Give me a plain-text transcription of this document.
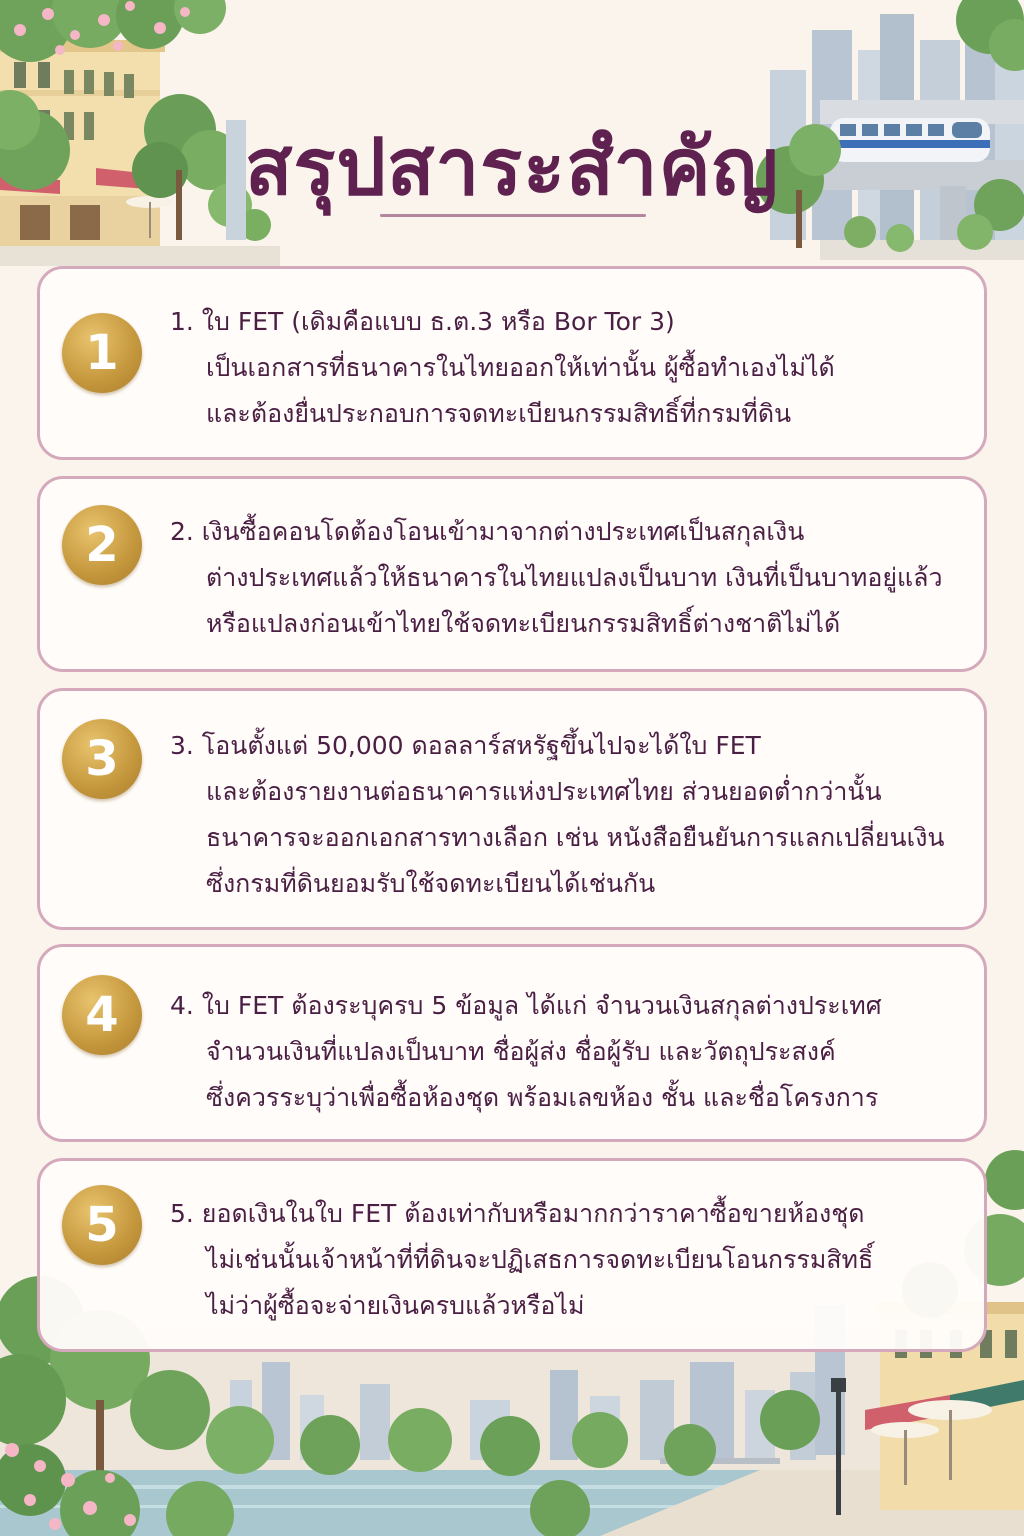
สรุปสาระสำคัญ
1
1. ใบ FET (เดิมคือแบบ ธ.ต.3 หรือ Bor Tor 3)
เป็นเอกสารที่ธนาคารในไทยออกให้เท่านั้น ผู้ซื้อทำเองไม่ได้
และต้องยื่นประกอบการจดทะเบียนกรรมสิทธิ์ที่กรมที่ดิน
2	2. เงินซื้อคอนโดต้องโอนเข้ามาจากต่างประเทศเป็นสกุลเงิน
ต่างประเทศแล้วให้ธนาคารในไทยแปลงเป็นบาท เงินที่เป็นบาทอยู่แล้ว
หรือแปลงก่อนเข้าไทยใช้จดทะเบียนกรรมสิทธิ์ต่างชาติไม่ได้
3	3. โอนตั้งแต่ 50,000 ดอลลาร์สหรัฐขึ้นไปจะได้ใบ FET
และต้องรายงานต่อธนาคารแห่งประเทศไทย ส่วนยอดต่ำกว่านั้น
ธนาคารจะออกเอกสารทางเลือก เช่น หนังสือยืนยันการแลกเปลี่ยนเงิน
ซึ่งกรมที่ดินยอมรับใช้จดทะเบียนได้เช่นกัน
4	4. ใบ FET ต้องระบุครบ 5 ข้อมูล ได้แก่ จำนวนเงินสกุลต่างประเทศ
จำนวนเงินที่แปลงเป็นบาท ชื่อผู้ส่ง ชื่อผู้รับ และวัตถุประสงค์
ซึ่งควรระบุว่าเพื่อซื้อห้องชุด พร้อมเลขห้อง ชั้น และชื่อโครงการ
5	5. ยอดเงินในใบ FET ต้องเท่ากับหรือมากกว่าราคาซื้อขายห้องชุด
ไม่เช่นนั้นเจ้าหน้าที่ที่ดินจะปฏิเสธการจดทะเบียนโอนกรรมสิทธิ์
ไม่ว่าผู้ซื้อจะจ่ายเงินครบแล้วหรือไม่
